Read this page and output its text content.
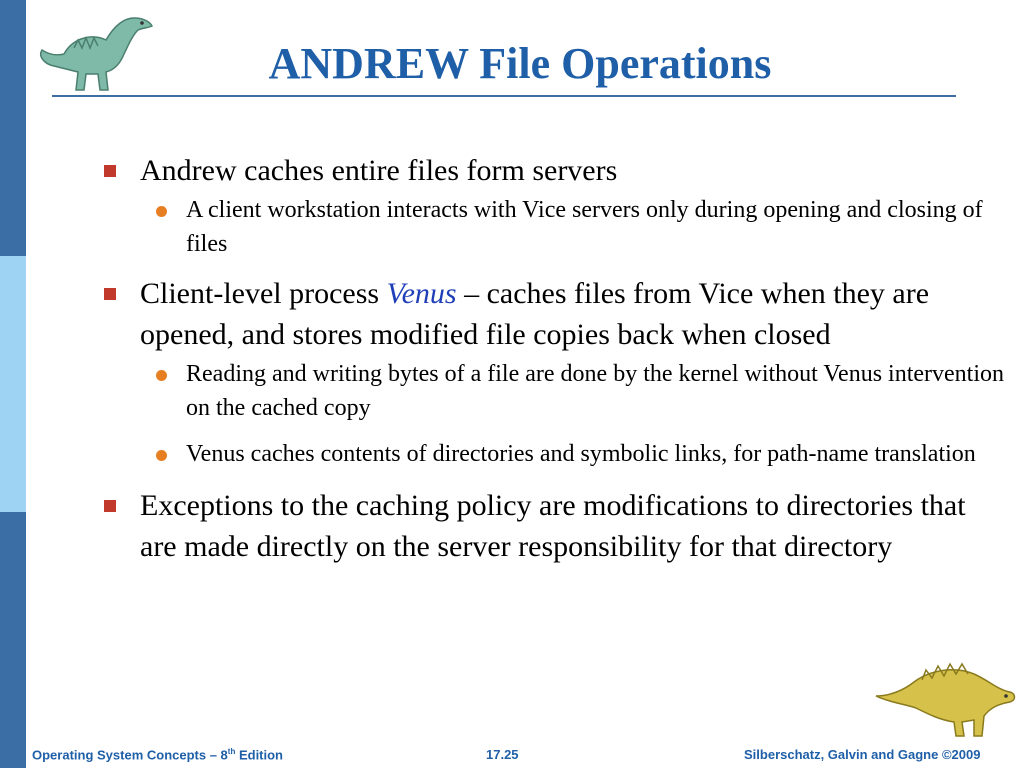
ANDREW File Operations
Andrew caches entire files form servers
A client workstation interacts with Vice servers only during opening and closing of files
Client-level process Venus – caches files from Vice when they are opened, and stores modified file copies back when closed
Reading and writing bytes of a file are done by the kernel without Venus intervention on the cached copy
Venus caches contents of directories and symbolic links, for path-name translation
Exceptions to the caching policy are modifications to directories that are made directly on the server responsibility for that directory
Operating System Concepts – 8th Edition	17.25	Silberschatz, Galvin and Gagne ©2009
